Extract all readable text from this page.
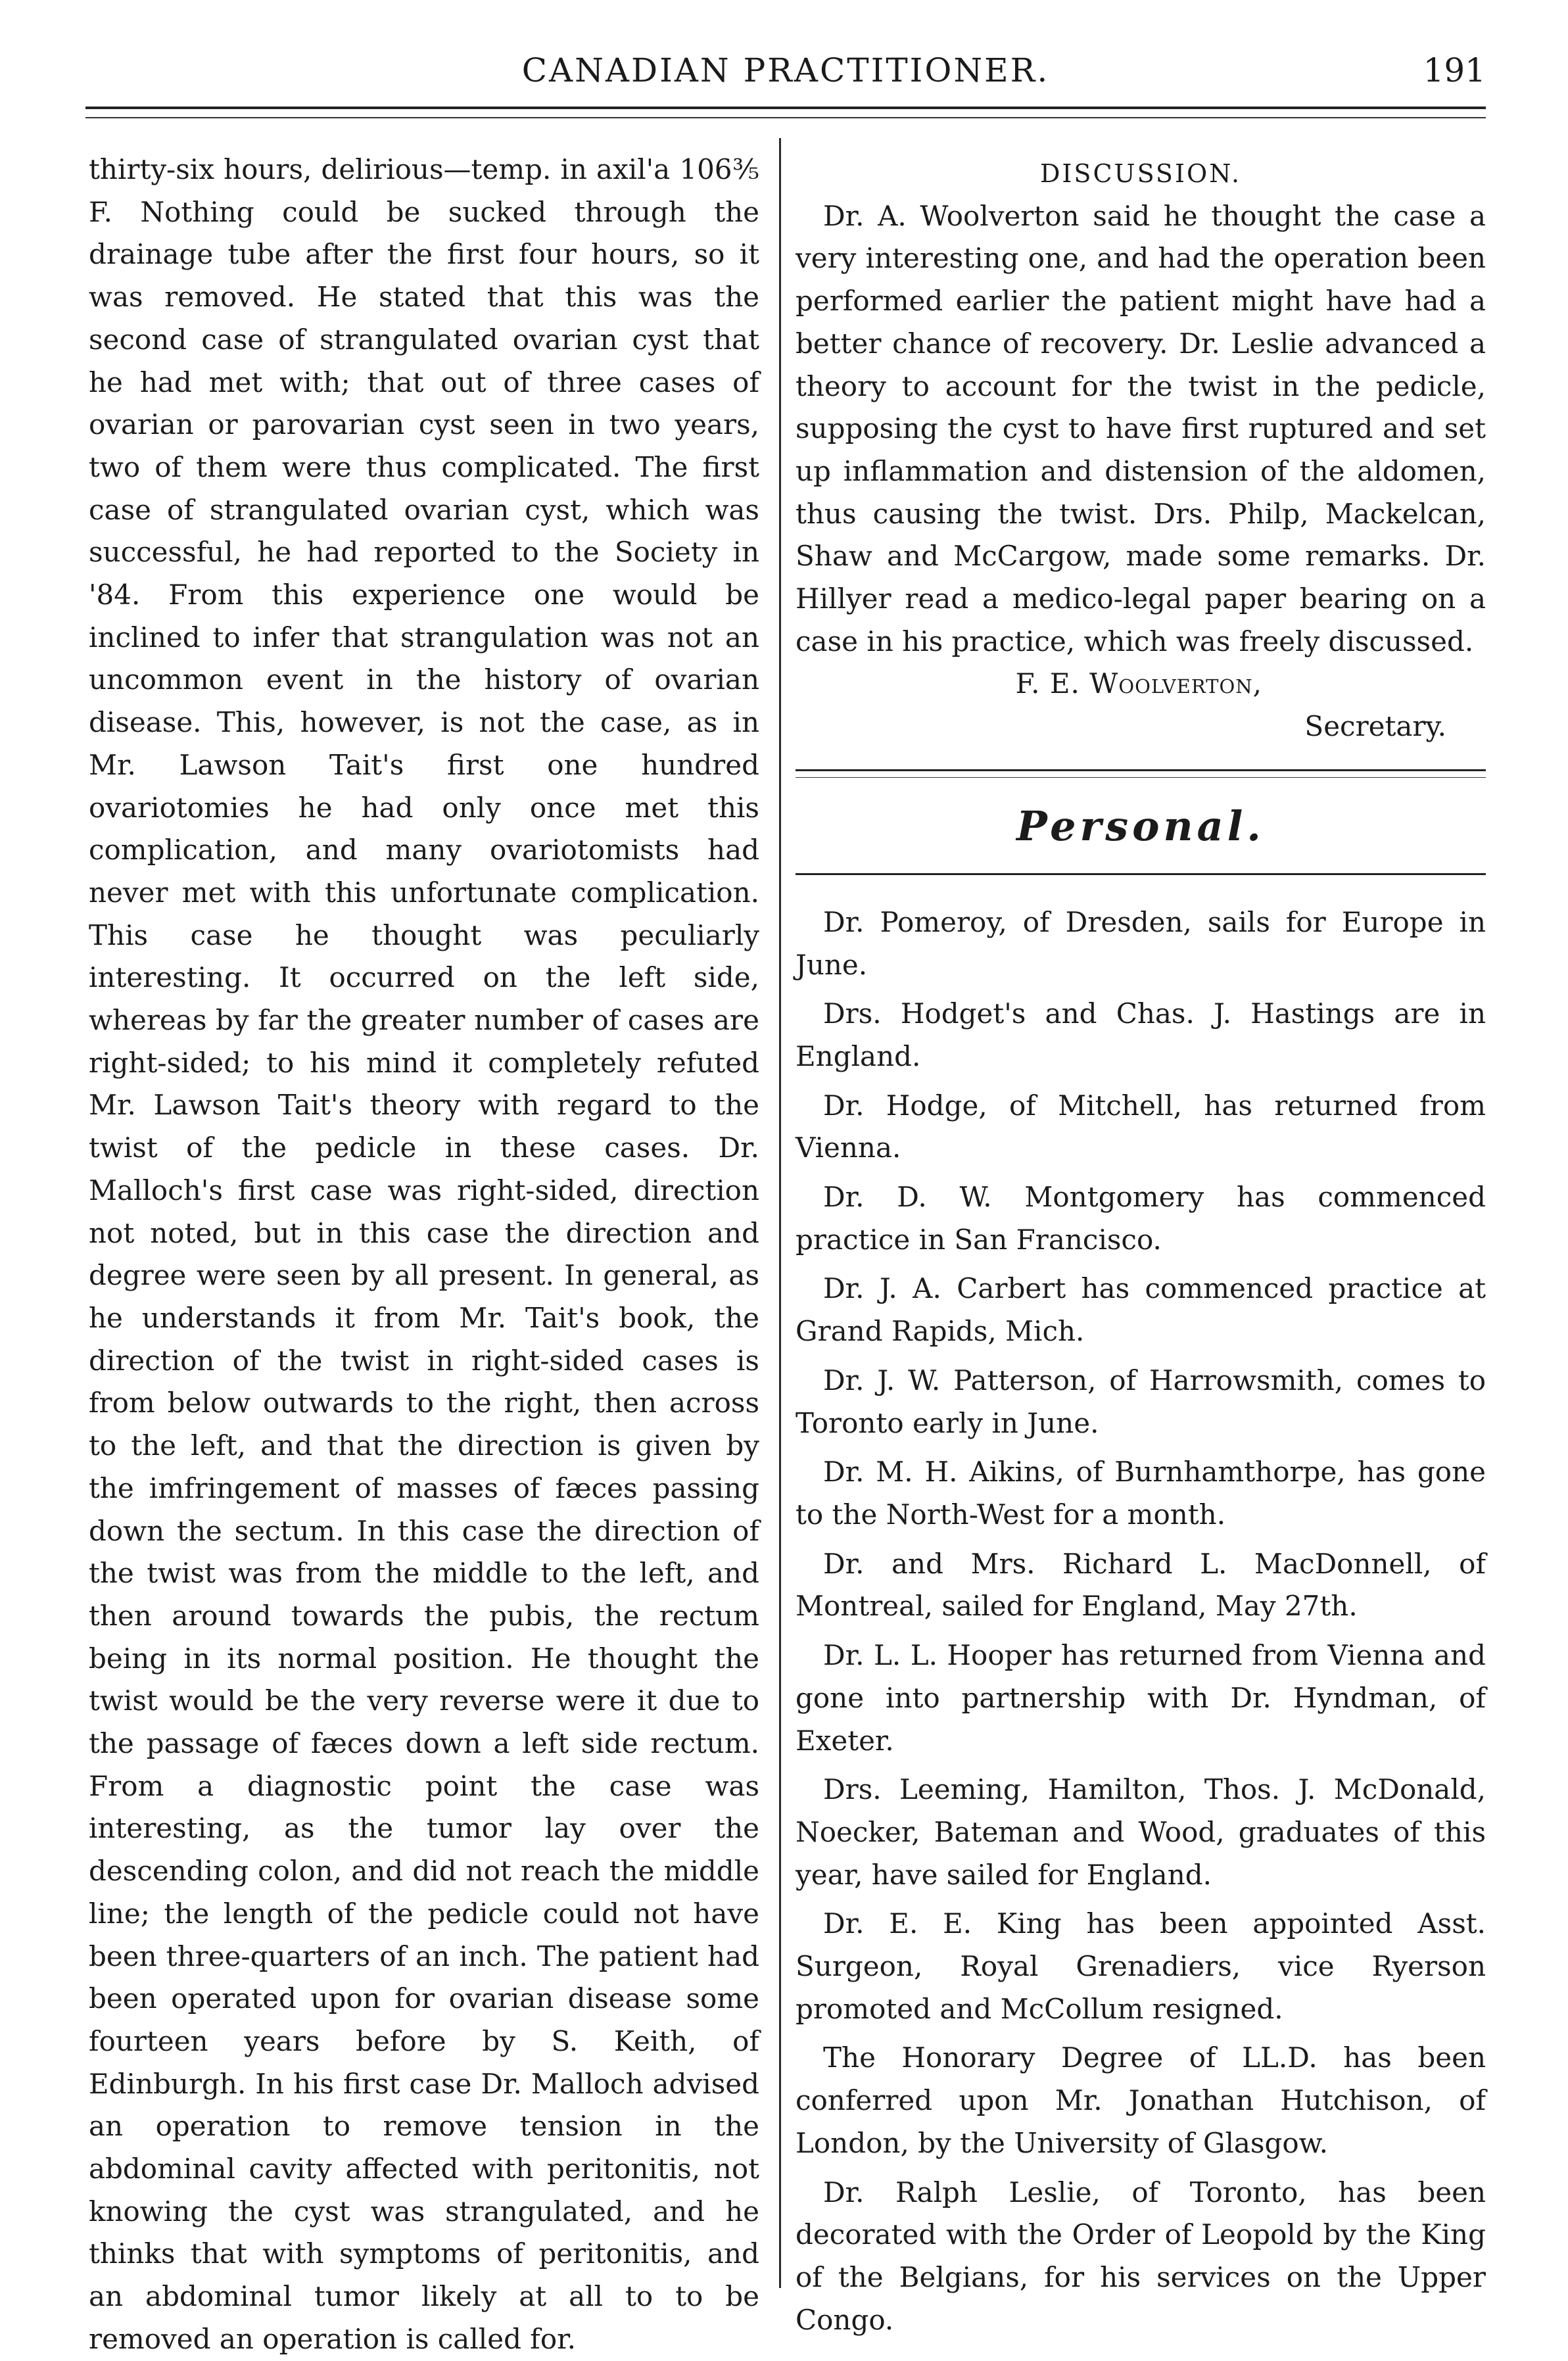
CANADIAN PRACTITIONER.	191

thirty-six hours, delirious—temp. in axil'a 106⅗ F. Nothing could be sucked through the drainage tube after the first four hours, so it was removed. He stated that this was the second case of strangulated ovarian cyst that he had met with; that out of three cases of ovarian or parovarian cyst seen in two years, two of them were thus complicated. The first case of strangulated ovarian cyst, which was successful, he had reported to the Society in '84. From this experience one would be inclined to infer that strangulation was not an uncommon event in the history of ovarian disease. This, however, is not the case, as in Mr. Lawson Tait's first one hundred ovariotomies he had only once met this complication, and many ovariotomists had never met with this unfortunate complication. This case he thought was peculiarly interesting. It occurred on the left side, whereas by far the greater number of cases are right-sided; to his mind it completely refuted Mr. Lawson Tait's theory with regard to the twist of the pedicle in these cases. Dr. Malloch's first case was right-sided, direction not noted, but in this case the direction and degree were seen by all present. In general, as he understands it from Mr. Tait's book, the direction of the twist in right-sided cases is from below outwards to the right, then across to the left, and that the direction is given by the imfringement of masses of fæces passing down the sectum. In this case the direction of the twist was from the middle to the left, and then around towards the pubis, the rectum being in its normal position. He thought the twist would be the very reverse were it due to the passage of fæces down a left side rectum. From a diagnostic point the case was interesting, as the tumor lay over the descending colon, and did not reach the middle line; the length of the pedicle could not have been three-quarters of an inch. The patient had been operated upon for ovarian disease some fourteen years before by S. Keith, of Edinburgh. In his first case Dr. Malloch advised an operation to remove tension in the abdominal cavity affected with peritonitis, not knowing the cyst was strangulated, and he thinks that with symptoms of peritonitis, and an abdominal tumor likely at all to to be removed an operation is called for.

DISCUSSION.

Dr. A. Woolverton said he thought the case a very interesting one, and had the operation been performed earlier the patient might have had a better chance of recovery. Dr. Leslie advanced a theory to account for the twist in the pedicle, supposing the cyst to have first ruptured and set up inflammation and distension of the aldomen, thus causing the twist. Drs. Philp, Mackelcan, Shaw and McCargow, made some remarks. Dr. Hillyer read a medico-legal paper bearing on a case in his practice, which was freely discussed.

F. E. Woolverton,

Secretary.

Personal.

Dr. Pomeroy, of Dresden, sails for Europe in June.

Drs. Hodget's and Chas. J. Hastings are in England.

Dr. Hodge, of Mitchell, has returned from Vienna.

Dr. D. W. Montgomery has commenced practice in San Francisco.

Dr. J. A. Carbert has commenced practice at Grand Rapids, Mich.

Dr. J. W. Patterson, of Harrowsmith, comes to Toronto early in June.

Dr. M. H. Aikins, of Burnhamthorpe, has gone to the North-West for a month.

Dr. and Mrs. Richard L. MacDonnell, of Montreal, sailed for England, May 27th.

Dr. L. L. Hooper has returned from Vienna and gone into partnership with Dr. Hyndman, of Exeter.

Drs. Leeming, Hamilton, Thos. J. McDonald, Noecker, Bateman and Wood, graduates of this year, have sailed for England.

Dr. E. E. King has been appointed Asst. Surgeon, Royal Grenadiers, vice Ryerson promoted and McCollum resigned.

The Honorary Degree of LL.D. has been conferred upon Mr. Jonathan Hutchison, of London, by the University of Glasgow.

Dr. Ralph Leslie, of Toronto, has been decorated with the Order of Leopold by the King of the Belgians, for his services on the Upper Congo.
